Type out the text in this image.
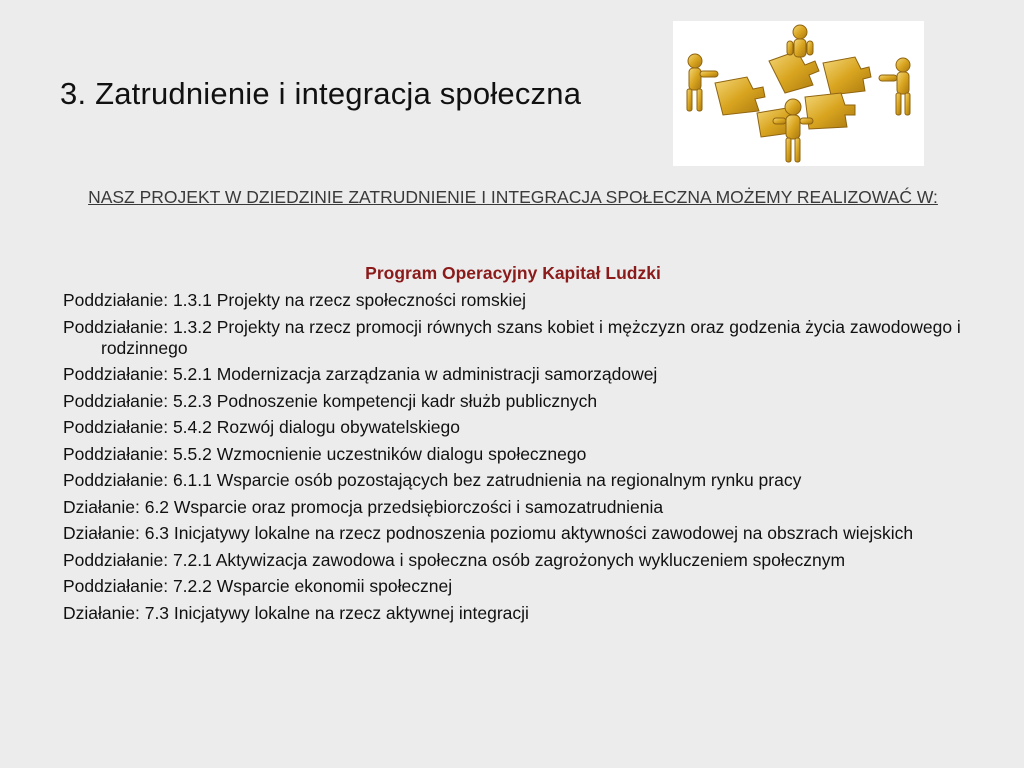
3. Zatrudnienie i integracja społeczna
NASZ PROJEKT W DZIEDZINIE ZATRUDNIENIE I INTEGRACJA SPOŁECZNA MOŻEMY REALIZOWAĆ W:
Program Operacyjny Kapitał Ludzki
Poddziałanie: 1.3.1 Projekty na rzecz społeczności romskiej
Poddziałanie: 1.3.2 Projekty na rzecz promocji równych szans kobiet i mężczyzn oraz godzenia życia zawodowego i rodzinnego
Poddziałanie: 5.2.1 Modernizacja zarządzania w administracji samorządowej
Poddziałanie: 5.2.3 Podnoszenie kompetencji kadr służb publicznych
Poddziałanie: 5.4.2 Rozwój dialogu obywatelskiego
Poddziałanie: 5.5.2 Wzmocnienie uczestników dialogu społecznego
Poddziałanie: 6.1.1 Wsparcie osób pozostających bez zatrudnienia na regionalnym rynku pracy
Działanie: 6.2 Wsparcie oraz promocja przedsiębiorczości i samozatrudnienia
Działanie: 6.3 Inicjatywy lokalne na rzecz podnoszenia poziomu aktywności zawodowej na obszrach wiejskich
Poddziałanie: 7.2.1 Aktywizacja zawodowa i społeczna osób zagrożonych wykluczeniem społecznym
Poddziałanie: 7.2.2 Wsparcie ekonomii społecznej
Działanie: 7.3 Inicjatywy lokalne na rzecz aktywnej integracji
